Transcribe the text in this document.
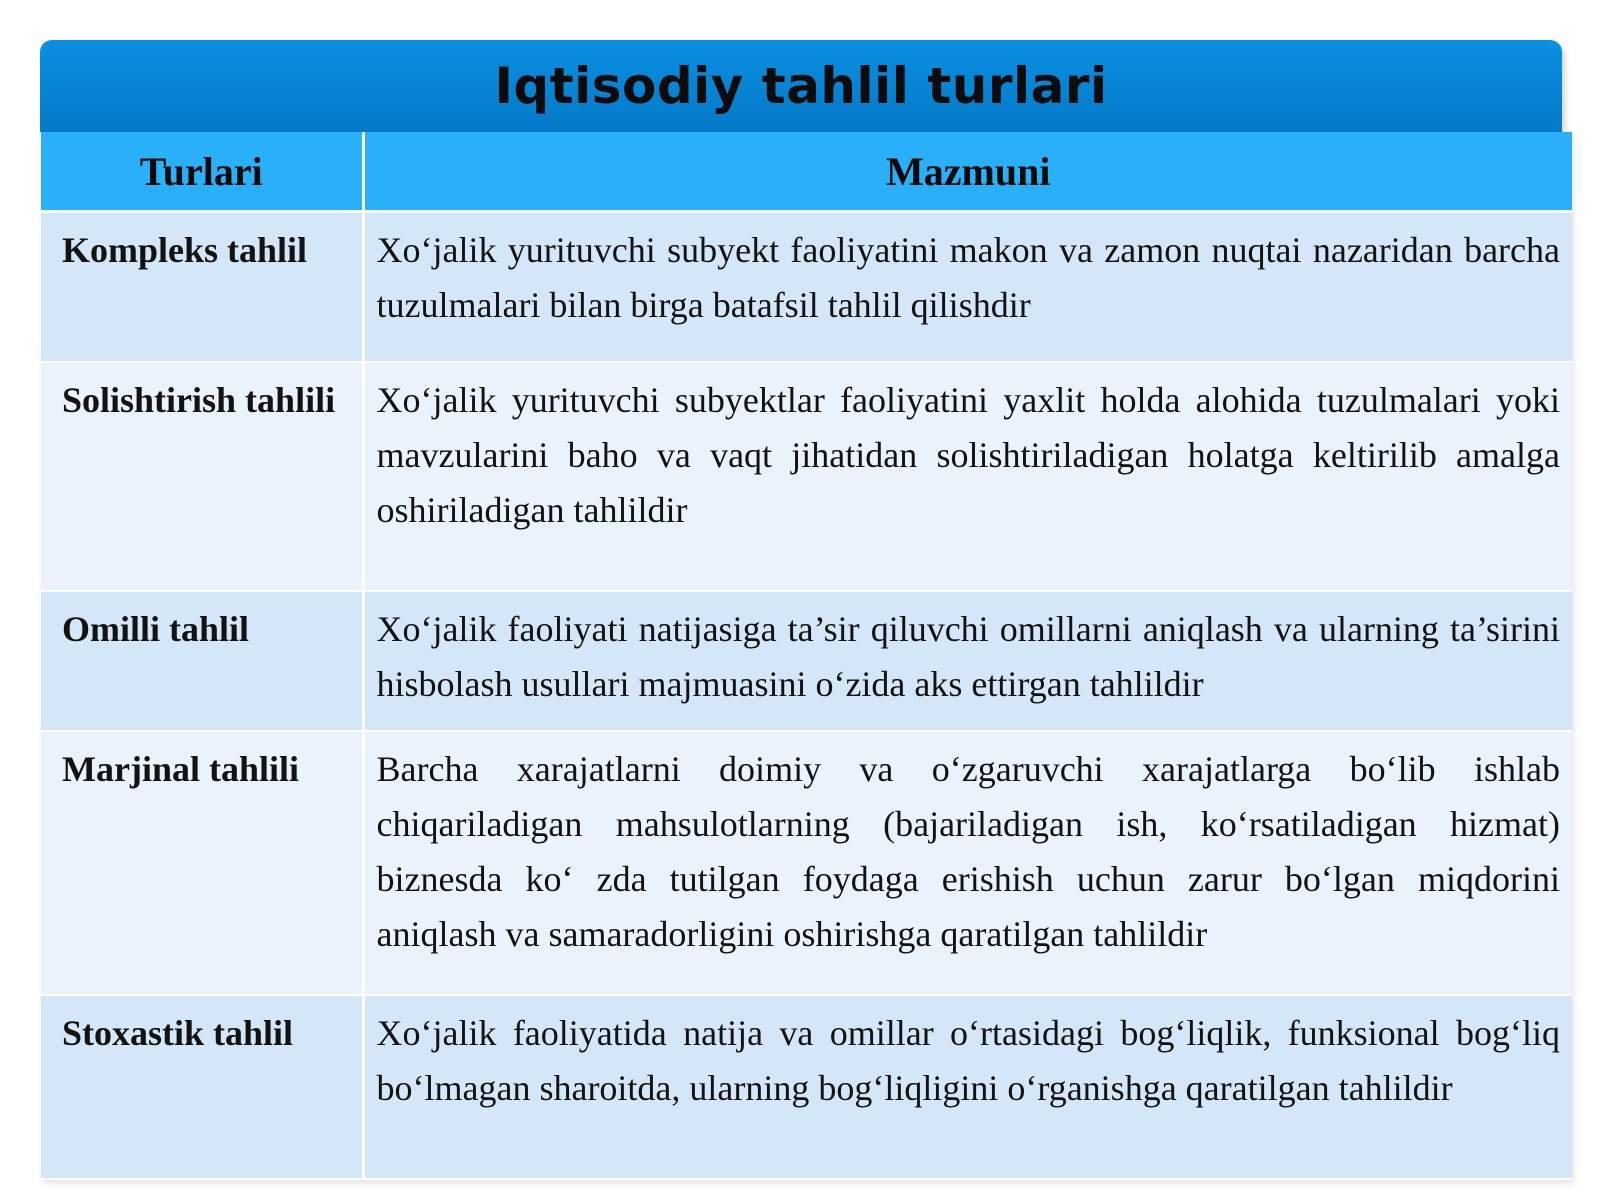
Iqtisodiy tahlil turlari
Turlari	Mazmuni
Kompleks tahlil	Xo‘jalik yurituvchi subyekt faoliyatini makon va zamon nuqtai nazaridan barcha tuzulmalari bilan birga batafsil tahlil qilishdir
Solishtirish tahlili	Xo‘jalik yurituvchi subyektlar faoliyatini yaxlit holda alohida tuzulmalari yoki mavzularini baho va vaqt jihatidan solishtiriladigan holatga keltirilib amalga oshiriladigan tahlildir
Omilli tahlil	Xo‘jalik faoliyati natijasiga ta’sir qiluvchi omillarni aniqlash va ularning ta’sirini hisbolash usullari majmuasini o‘zida aks ettirgan tahlildir
Marjinal tahlili	Barcha xarajatlarni doimiy va o‘zgaruvchi xarajatlarga bo‘lib ishlab chiqariladigan mahsulotlarning (bajariladigan ish, ko‘rsatiladigan hizmat) biznesda ko‘ zda tutilgan foydaga erishish uchun zarur bo‘lgan miqdorini aniqlash va samaradorligini oshirishga qaratilgan tahlildir
Stoxastik tahlil	Xo‘jalik faoliyatida natija va omillar o‘rtasidagi bog‘liqlik, funksional bog‘liq bo‘lmagan sharoitda, ularning bog‘liqligini o‘rganishga qaratilgan tahlildir
